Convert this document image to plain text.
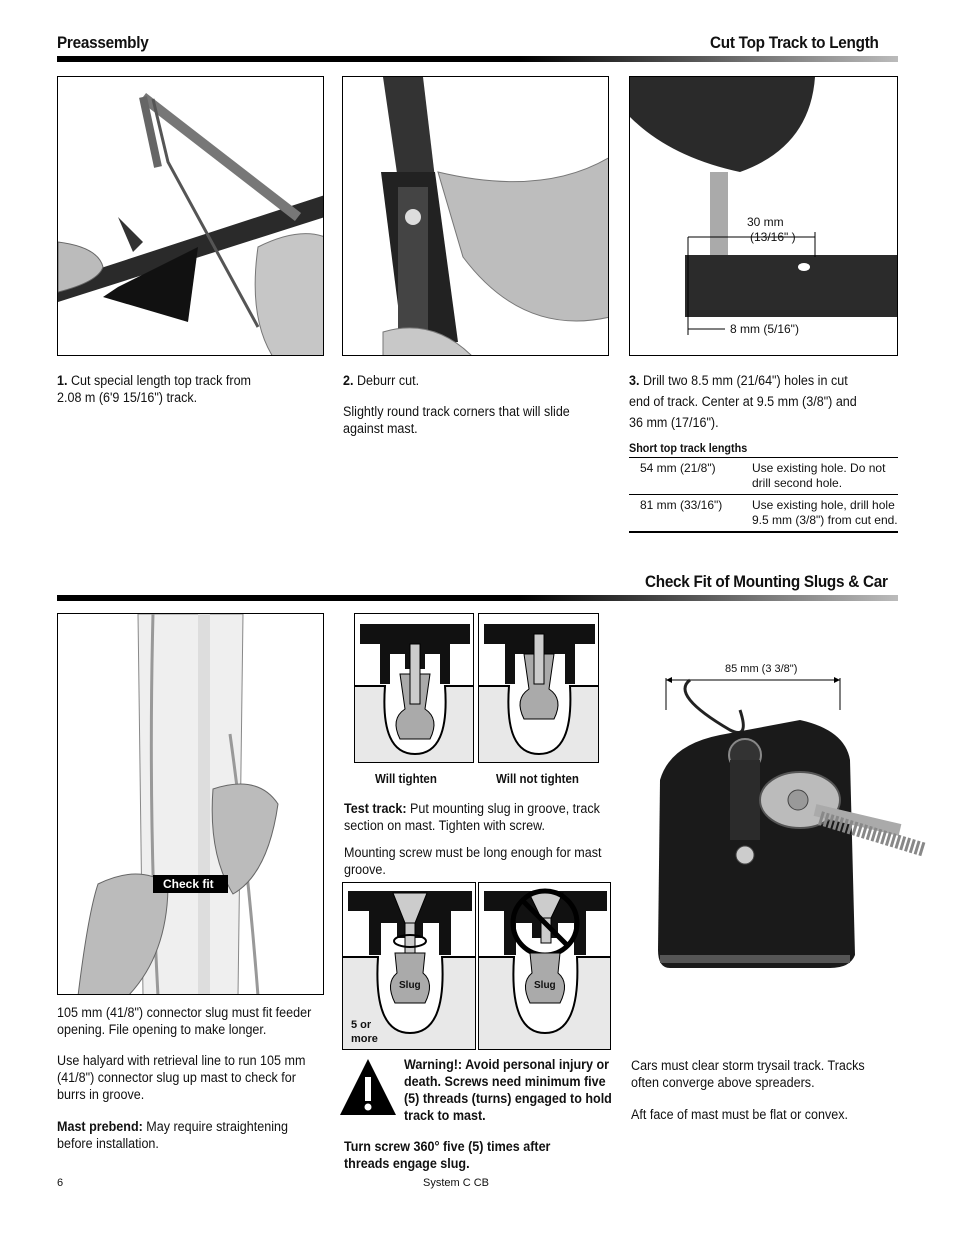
Preassembly	Cut Top Track to Length
30 mm
(13/16" )
8 mm (5/16")
1. Cut special length top track from
2.08 m (6'9 15/16") track.
2. Deburr cut.
Slightly round track corners that will slide against mast.
3. Drill two 8.5 mm (21/64") holes in cut
end of track. Center at 9.5 mm (3/8") and
36 mm (17/16").
Short top track lengths
54 mm (21/8")	Use existing hole. Do not drill second hole.
81 mm (33/16")	Use existing hole, drill hole 9.5 mm (3/8") from cut end.
Check Fit of Mounting Slugs & Car
Check fit
Will tighten	Will not tighten
Test track: Put mounting slug in groove, track section on mast. Tighten with screw.
Mounting screw must be long enough for mast groove.
Slug
5 or more
Slug
Warning!: Avoid personal injury or death. Screws need minimum five (5) threads (turns) engaged to hold track to mast.
Turn screw 360° five (5) times after threads engage slug.
105 mm (41/8") connector slug must fit feeder opening. File opening to make longer.
Use halyard with retrieval line to run 105 mm (41/8") connector slug up mast to check for burrs in groove.
Mast prebend: May require straightening before installation.
85 mm (3 3/8")
Cars must clear storm trysail track. Tracks often converge above spreaders.
Aft face of mast must be flat or convex.
6	System C CB
